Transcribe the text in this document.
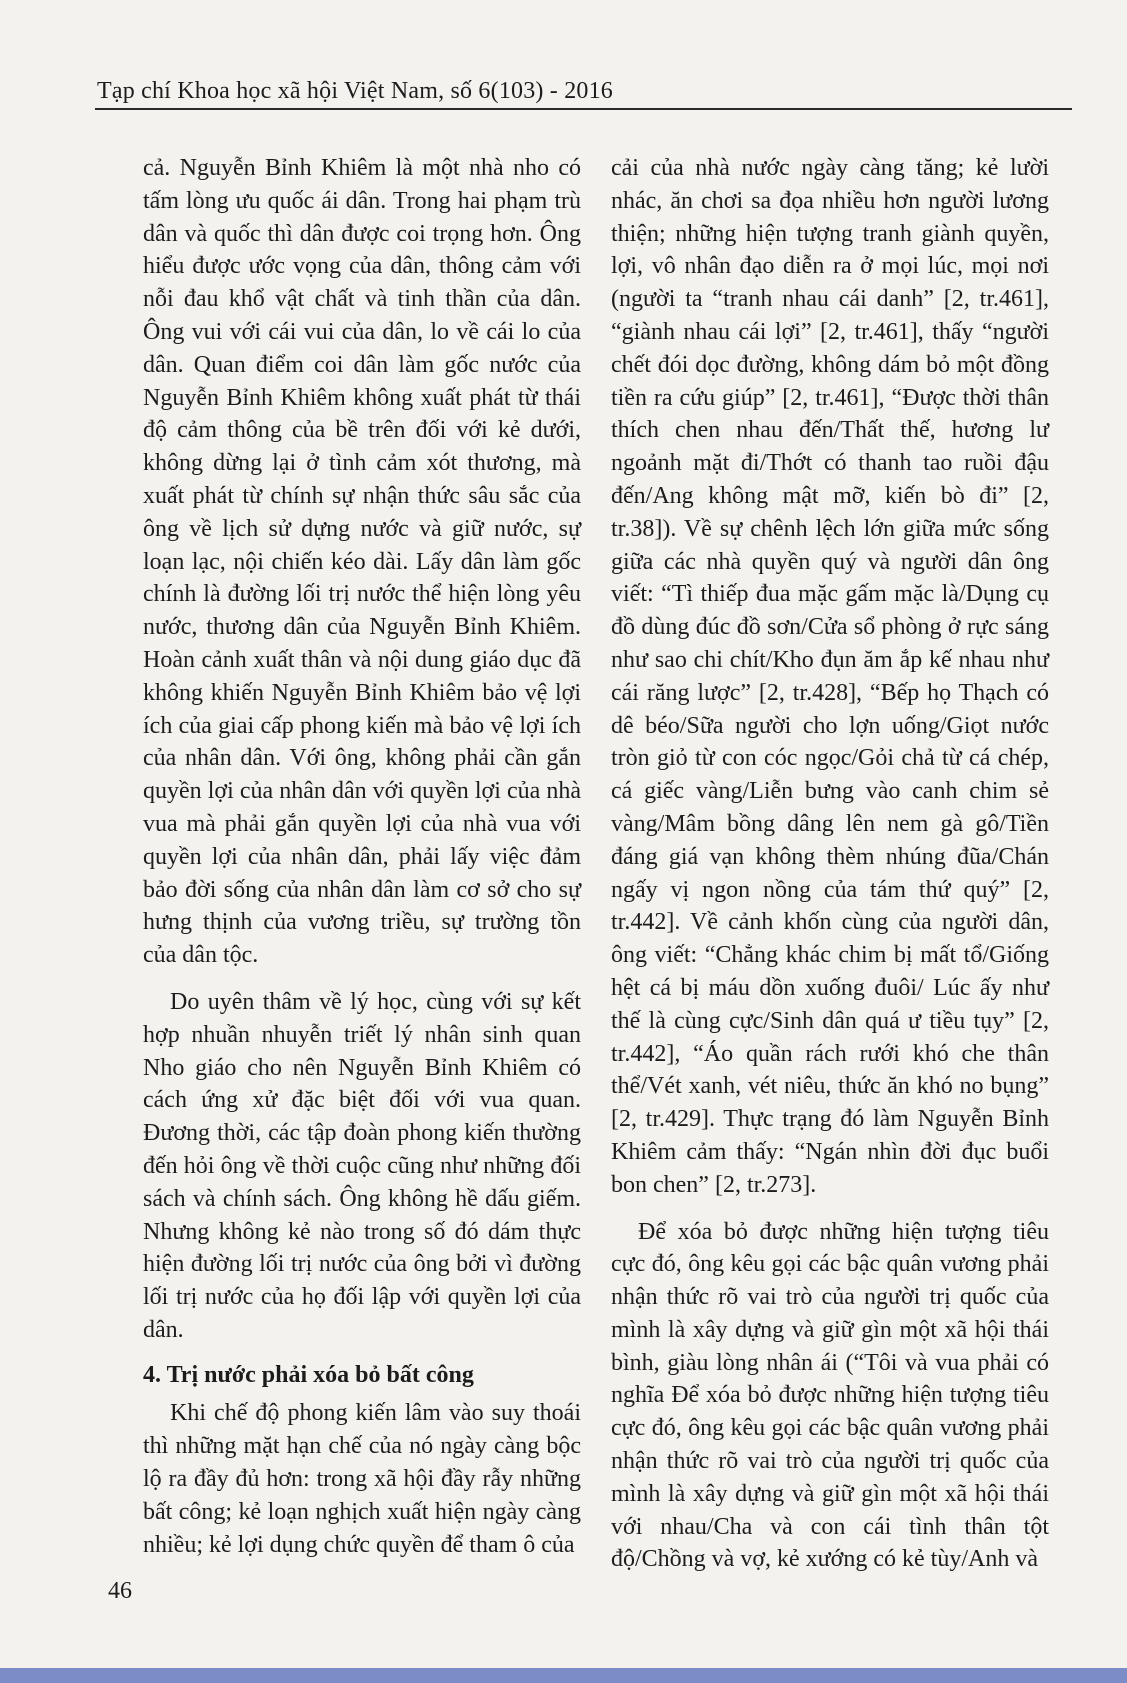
Tạp chí Khoa học xã hội Việt Nam, số 6(103) - 2016

cả. Nguyễn Bỉnh Khiêm là một nhà nho có tấm lòng ưu quốc ái dân. Trong hai phạm trù dân và quốc thì dân được coi trọng hơn. Ông hiểu được ước vọng của dân, thông cảm với nỗi đau khổ vật chất và tinh thần của dân. Ông vui với cái vui của dân, lo về cái lo của dân. Quan điểm coi dân làm gốc nước của Nguyễn Bỉnh Khiêm không xuất phát từ thái độ cảm thông của bề trên đối với kẻ dưới, không dừng lại ở tình cảm xót thương, mà xuất phát từ chính sự nhận thức sâu sắc của ông về lịch sử dựng nước và giữ nước, sự loạn lạc, nội chiến kéo dài. Lấy dân làm gốc chính là đường lối trị nước thể hiện lòng yêu nước, thương dân của Nguyễn Bỉnh Khiêm. Hoàn cảnh xuất thân và nội dung giáo dục đã không khiến Nguyễn Bỉnh Khiêm bảo vệ lợi ích của giai cấp phong kiến mà bảo vệ lợi ích của nhân dân. Với ông, không phải cần gắn quyền lợi của nhân dân với quyền lợi của nhà vua mà phải gắn quyền lợi của nhà vua với quyền lợi của nhân dân, phải lấy việc đảm bảo đời sống của nhân dân làm cơ sở cho sự hưng thịnh của vương triều, sự trường tồn của dân tộc.

Do uyên thâm về lý học, cùng với sự kết hợp nhuần nhuyễn triết lý nhân sinh quan Nho giáo cho nên Nguyễn Bỉnh Khiêm có cách ứng xử đặc biệt đối với vua quan. Đương thời, các tập đoàn phong kiến thường đến hỏi ông về thời cuộc cũng như những đối sách và chính sách. Ông không hề dấu giếm. Nhưng không kẻ nào trong số đó dám thực hiện đường lối trị nước của ông bởi vì đường lối trị nước của họ đối lập với quyền lợi của dân.

4. Trị nước phải xóa bỏ bất công

Khi chế độ phong kiến lâm vào suy thoái thì những mặt hạn chế của nó ngày càng bộc lộ ra đầy đủ hơn: trong xã hội đầy rẫy những bất công; kẻ loạn nghịch xuất hiện ngày càng nhiều; kẻ lợi dụng chức quyền để tham ô của

cải của nhà nước ngày càng tăng; kẻ lười nhác, ăn chơi sa đọa nhiều hơn người lương thiện; những hiện tượng tranh giành quyền, lợi, vô nhân đạo diễn ra ở mọi lúc, mọi nơi (người ta “tranh nhau cái danh” [2, tr.461], “giành nhau cái lợi” [2, tr.461], thấy “người chết đói dọc đường, không dám bỏ một đồng tiền ra cứu giúp” [2, tr.461], “Được thời thân thích chen nhau đến/Thất thế, hương lư ngoảnh mặt đi/Thớt có thanh tao ruồi đậu đến/Ang không mật mỡ, kiến bò đi” [2, tr.38]). Về sự chênh lệch lớn giữa mức sống giữa các nhà quyền quý và người dân ông viết: “Tì thiếp đua mặc gấm mặc là/Dụng cụ đồ dùng đúc đồ sơn/Cửa sổ phòng ở rực sáng như sao chi chít/Kho đụn ăm ắp kế nhau như cái răng lược” [2, tr.428], “Bếp họ Thạch có dê béo/Sữa người cho lợn uống/Giọt nước tròn giỏ từ con cóc ngọc/Gỏi chả từ cá chép, cá giếc vàng/Liễn bưng vào canh chim sẻ vàng/Mâm bồng dâng lên nem gà gô/Tiền đáng giá vạn không thèm nhúng đũa/Chán ngấy vị ngon nồng của tám thứ quý” [2, tr.442]. Về cảnh khốn cùng của người dân, ông viết: “Chẳng khác chim bị mất tổ/Giống hệt cá bị máu dồn xuống đuôi/ Lúc ấy như thế là cùng cực/Sinh dân quá ư tiều tụy” [2, tr.442], “Áo quần rách rưới khó che thân thể/Vét xanh, vét niêu, thức ăn khó no bụng” [2, tr.429]. Thực trạng đó làm Nguyễn Bỉnh Khiêm cảm thấy: “Ngán nhìn đời đục buổi bon chen” [2, tr.273].

Để xóa bỏ được những hiện tượng tiêu cực đó, ông kêu gọi các bậc quân vương phải nhận thức rõ vai trò của người trị quốc của mình là xây dựng và giữ gìn một xã hội thái bình, giàu lòng nhân ái (“Tôi và vua phải có nghĩa Để xóa bỏ được những hiện tượng tiêu cực đó, ông kêu gọi các bậc quân vương phải nhận thức rõ vai trò của người trị quốc của mình là xây dựng và giữ gìn một xã hội thái với nhau/Cha và con cái tình thân tột độ/Chồng và vợ, kẻ xướng có kẻ tùy/Anh và

46
